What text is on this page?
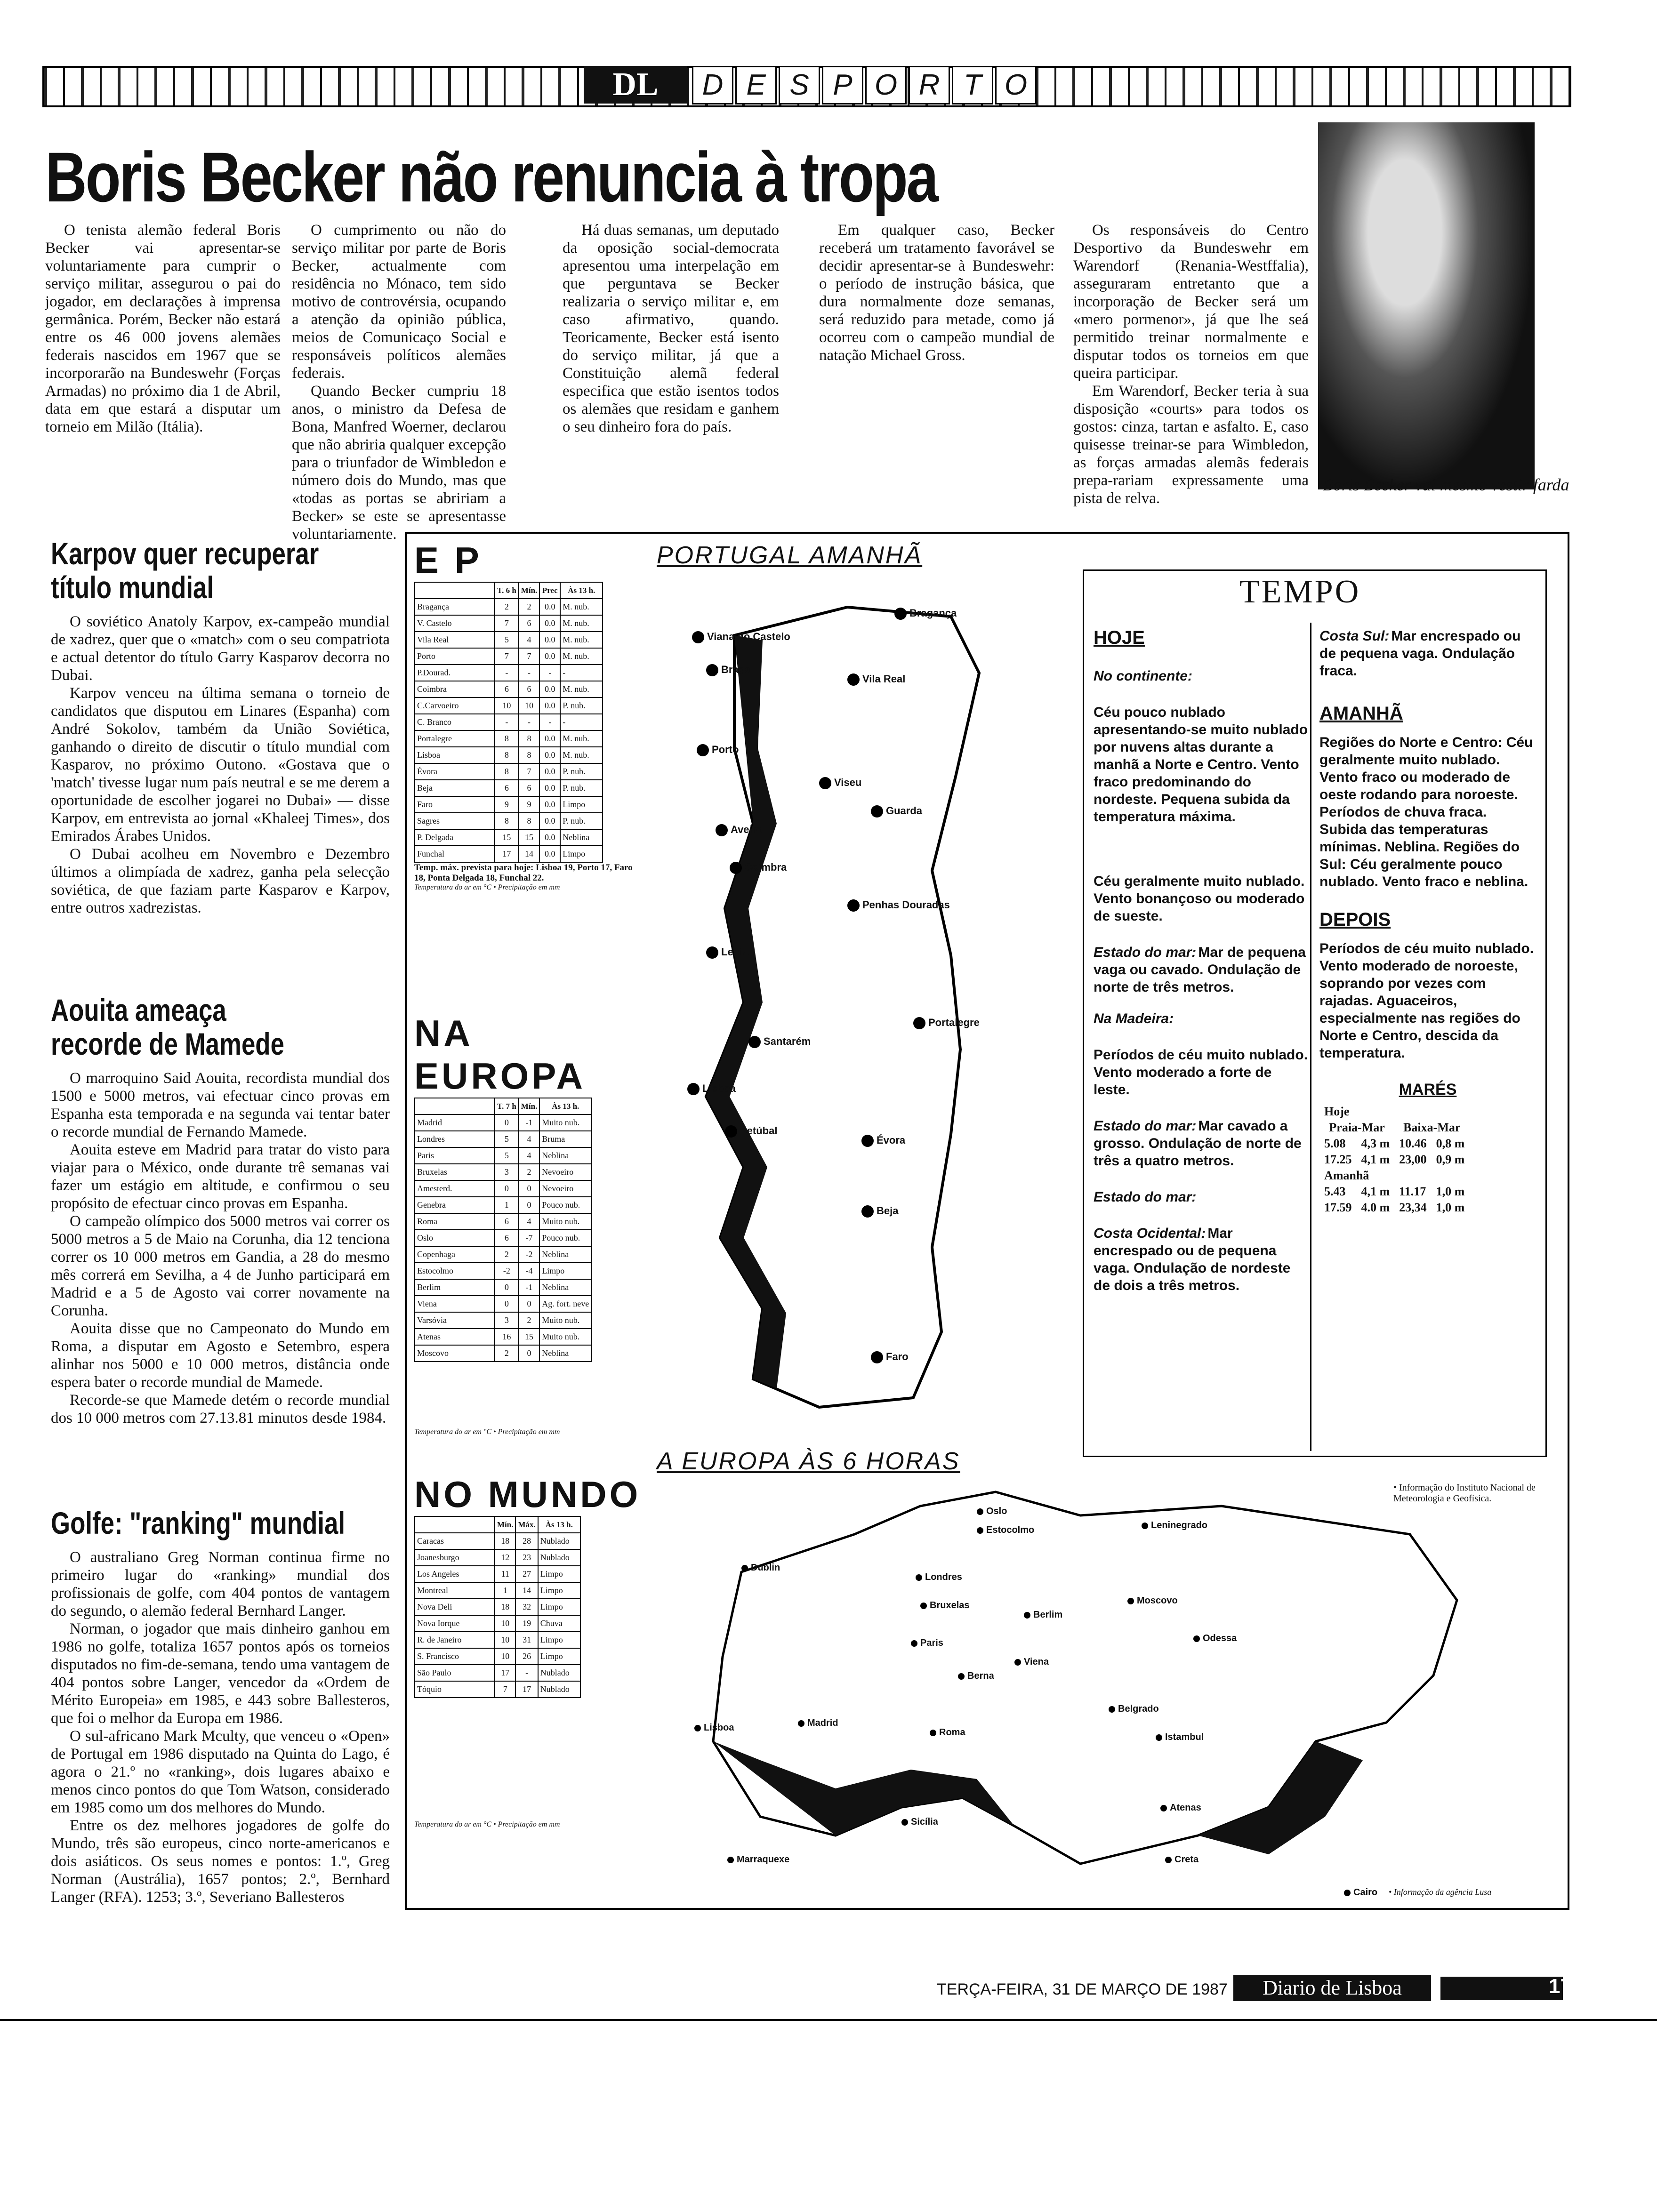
DL	D E S P O R T O
Boris Becker não renuncia à tropa

O tenista alemão federal Boris Becker vai apresentar-se voluntariamente para cumprir o serviço militar, assegurou o pai do jogador, em declarações à imprensa germânica. Porém, Becker não estará entre os 46 000 jovens alemães federais nascidos em 1967 que se incorporarão na Bundeswehr (Forças Armadas) no próximo dia 1 de Abril, data em que estará a disputar um torneio em Milão (Itália).

O cumprimento ou não do serviço militar por parte de Boris Becker, actualmente com residência no Mónaco, tem sido motivo de controvérsia, ocupando a atenção da opinião pública, meios de Comunicaço Social e responsáveis políticos alemães federais.

Quando Becker cumpriu 18 anos, o ministro da Defesa de Bona, Manfred Woerner, declarou que não abriria qualquer excepção para o triunfador de Wimbledon e número dois do Mundo, mas que «todas as portas se abririam a Becker» se este se apresentasse voluntariamente.

Há duas semanas, um deputado da oposição social-democrata apresentou uma interpelação em que perguntava se Becker realizaria o serviço militar e, em caso afirmativo, quando. Teoricamente, Becker está isento do serviço militar, já que a Constituição alemã federal especifica que estão isentos todos os alemães que residam e ganhem o seu dinheiro fora do país.

Em qualquer caso, Becker receberá um tratamento favorável se decidir apresentar-se à Bundeswehr: o período de instrução básica, que dura normalmente doze semanas, será reduzido para metade, como já ocorreu com o campeão mundial de natação Michael Gross.

Os responsáveis do Centro Desportivo da Bundeswehr em Warendorf (Renania-Westffalia), asseguraram entretanto que a incorporação de Becker será um «mero pormenor», já que lhe seá permitido treinar normalmente e disputar todos os torneios em que queira participar.

Em Warendorf, Becker teria à sua disposição «courts» para todos os gostos: cinza, tartan e asfalto. E, caso quisesse treinar-se para Wimbledon, as forças armadas alemãs federais prepa-rariam expressamente uma pista de relva.

Boris Becker vai mesmo vestir farda
Karpov quer recuperar
título mundial

O soviético Anatoly Karpov, ex-campeão mundial de xadrez, quer que o «match» com o seu compatriota e actual detentor do título Garry Kasparov decorra no Dubai.

Karpov venceu na última semana o torneio de candidatos que disputou em Linares (Espanha) com André Sokolov, também da União Soviética, ganhando o direito de discutir o título mundial com Kasparov, no próximo Outono. «Gostava que o 'match' tivesse lugar num país neutral e se me derem a oportunidade de escolher jogarei no Dubai» — disse Karpov, em entrevista ao jornal «Khaleej Times», dos Emirados Árabes Unidos.

O Dubai acolheu em Novembro e Dezembro últimos a olimpíada de xadrez, ganha pela selecção soviética, de que faziam parte Kasparov e Karpov, entre outros xadrezistas.

Aouita ameaça
recorde de Mamede

O marroquino Said Aouita, recordista mundial dos 1500 e 5000 metros, vai efectuar cinco provas em Espanha esta temporada e na segunda vai tentar bater o recorde mundial de Fernando Mamede.

Aouita esteve em Madrid para tratar do visto para viajar para o México, onde durante trê semanas vai fazer um estágio em altitude, e confirmou o seu propósito de efectuar cinco provas em Espanha.

O campeão olímpico dos 5000 metros vai correr os 5000 metros a 5 de Maio na Corunha, dia 12 tenciona correr os 10 000 metros em Gandia, a 28 do mesmo mês correrá em Sevilha, a 4 de Junho participará em Madrid e a 5 de Agosto vai correr novamente na Corunha.

Aouita disse que no Campeonato do Mundo em Roma, a disputar em Agosto e Setembro, espera alinhar nos 5000 e 10 000 metros, distância onde espera bater o recorde mundial de Mamede.

Recorde-se que Mamede detém o recorde mundial dos 10 000 metros com 27.13.81 minutos desde 1984.

Golfe: "ranking" mundial

O australiano Greg Norman continua firme no primeiro lugar do «ranking» mundial dos profissionais de golfe, com 404 pontos de vantagem do segundo, o alemão federal Bernhard Langer.

Norman, o jogador que mais dinheiro ganhou em 1986 no golfe, totaliza 1657 pontos após os torneios disputados no fim-de-semana, tendo uma vantagem de 404 pontos sobre Langer, vencedor da «Ordem de Mérito Europeia» em 1985, e 443 sobre Ballesteros, que foi o melhor da Europa em 1986.

O sul-africano Mark Mculty, que venceu o «Open» de Portugal em 1986 disputado na Quinta do Lago, é agora o 21.º no «ranking», dois lugares abaixo e menos cinco pontos do que Tom Watson, considerado em 1985 como um dos melhores do Mundo.

Entre os dez melhores jogadores de golfe do Mundo, três são europeus, cinco norte-americanos e dois asiáticos. Os seus nomes e pontos: 1.º, Greg Norman (Austrália), 1657 pontos; 2.º, Bernhard Langer (RFA). 1253; 3.º, Severiano Ballesteros

E P
	T. 6 h	Mín.	Prec	Às 13 h.
Bragança	2	2	0.0	M. nub.
V. Castelo	7	6	0.0	M. nub.
Vila Real	5	4	0.0	M. nub.
Porto	7	7	0.0	M. nub.
P.Dourad.	-	-	-	-
Coimbra	6	6	0.0	M. nub.
C.Carvoeiro	10	10	0.0	P. nub.
C. Branco	-	-	-	-
Portalegre	8	8	0.0	M. nub.
Lisboa	8	8	0.0	M. nub.
Évora	8	7	0.0	P. nub.
Beja	6	6	0.0	P. nub.
Faro	9	9	0.0	Limpo
Sagres	8	8	0.0	P. nub.
P. Delgada	15	15	0.0	Neblina
Funchal	17	14	0.0	Limpo
Temp. máx. prevista para hoje: Lisboa 19, Porto 17, Faro 18, Ponta Delgada 18, Funchal 22.
Temperatura do ar em °C • Precipitação em mm
NA EUROPA
	T. 7 h	Mín.	Às 13 h.
Madrid	0	-1	Muito nub.
Londres	5	4	Bruma
Paris	5	4	Neblina
Bruxelas	3	2	Nevoeiro
Amesterd.	0	0	Nevoeiro
Genebra	1	0	Pouco nub.
Roma	6	4	Muito nub.
Oslo	6	-7	Pouco nub.
Copenhaga	2	-2	Neblina
Estocolmo	-2	-4	Limpo
Berlim	0	-1	Neblina
Viena	0	0	Ag. fort. neve
Varsóvia	3	2	Muito nub.
Atenas	16	15	Muito nub.
Moscovo	2	0	Neblina
Temperatura do ar em °C • Precipitação em mm
NO MUNDO
	Mín.	Máx.	Às 13 h.
Caracas	18	28	Nublado
Joanesburgo	12	23	Nublado
Los Angeles	11	27	Limpo
Montreal	1	14	Limpo
Nova Deli	18	32	Limpo
Nova Iorque	10	19	Chuva
R. de Janeiro	10	31	Limpo
S. Francisco	10	26	Limpo
São Paulo	17	-	Nublado
Tóquio	7	17	Nublado
Temperatura do ar em °C • Precipitação em mm
PORTUGAL AMANHÃ
Bragança
Viana do Castelo
Braga
Vila Real
Porto
Viseu
Aveiro
Guarda
Coimbra
Penhas Douradas
Leiria
Portalegre
Santarém
Lisboa
Setúbal
Évora
Beja
Faro
A EUROPA ÀS 6 HORAS
Oslo
Estocolmo	Leninegrado
Dublin
Londres
Moscovo
Bruxelas
Berlim
Odessa
Paris
Viena
Berna
Belgrado
Lisboa	Madrid
Roma	Istambul
Atenas
Sicília
Marraquexe	Creta
Cairo • Informação da agência Lusa
TEMPO
HOJE
No continente:
Céu pouco nublado apresentando-se muito nublado por nuvens altas durante a manhã a Norte e Centro. Vento fraco predominando do nordeste. Pequena subida da temperatura máxima.
Céu geralmente muito nublado. Vento bonançoso ou moderado de sueste.
Estado do mar: Mar de pequena vaga ou cavado. Ondulação de norte de três metros.
Na Madeira:
Períodos de céu muito nublado. Vento moderado a forte de leste.
Estado do mar: Mar cavado a grosso. Ondulação de norte de três a quatro metros.
Estado do mar:
Costa Ocidental: Mar encrespado ou de pequena vaga. Ondulação de nordeste de dois a três metros.
Costa Sul: Mar encrespado ou de pequena vaga. Ondulação fraca.
AMANHÃ
Regiões do Norte e Centro: Céu geralmente muito nublado. Vento fraco ou moderado de oeste rodando para noroeste. Períodos de chuva fraca. Subida das temperaturas mínimas. Neblina. Regiões do Sul: Céu geralmente pouco nublado. Vento fraco e neblina.
DEPOIS
Períodos de céu muito nublado. Vento moderado de noroeste, soprando por vezes com rajadas. Aguaceiros, especialmente nas regiões do Norte e Centro, descida da temperatura.
MARÉS
Hoje			
Praia-Mar		Baixa-Mar	
5.08	4,3 m	10.46	0,8 m
17.25	4,1 m	23,00	0,9 m
Amanhã			
5.43	4,1 m	11.17	1,0 m
17.59	4.0 m	23,34	1,0 m
• Informação do Instituto Nacional de Meteorologia e Geofísica.
TERÇA-FEIRA, 31 DE MARÇO DE 1987	Diario de Lisboa	17
